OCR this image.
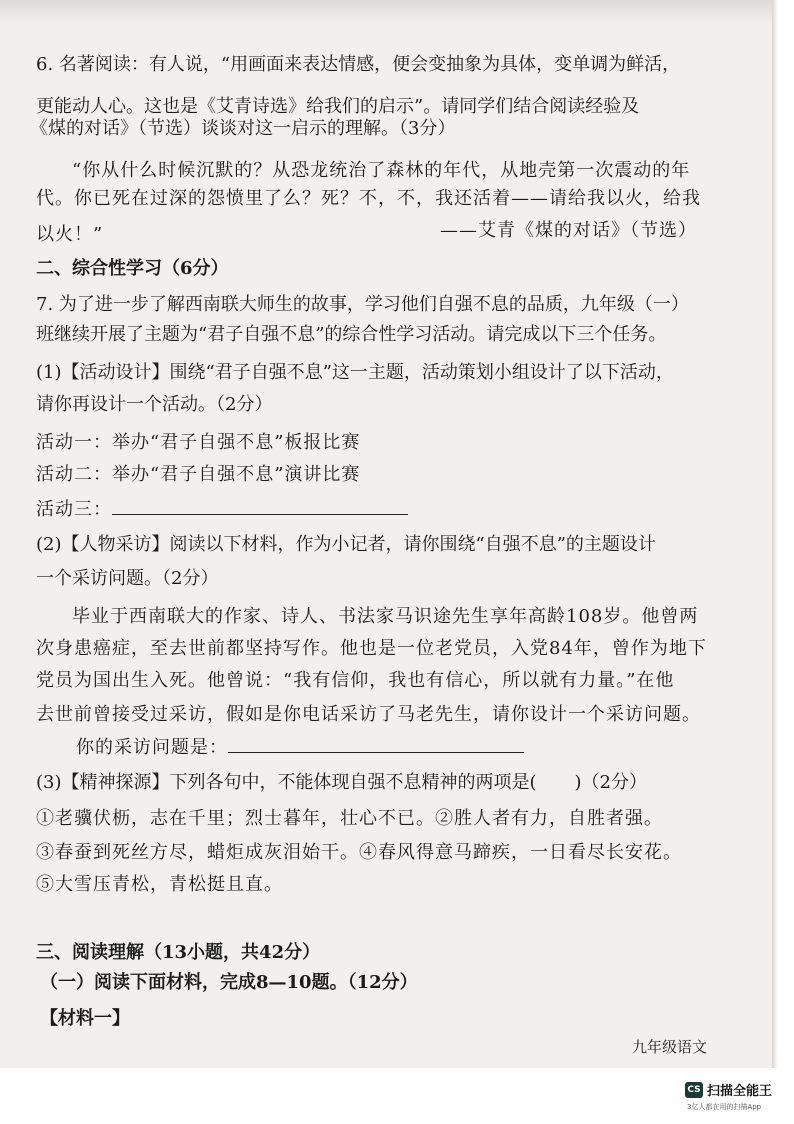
6. 名著阅读：有人说，“用画面来表达情感，便会变抽象为具体，变单调为鲜活，
更能动人心。这也是《艾青诗选》给我们的启示”。请同学们结合阅读经验及
《煤的对话》（节选）谈谈对这一启示的理解。（3分）
“你从什么时候沉默的？从恐龙统治了森林的年代，从地壳第一次震动的年
代。你已死在过深的怨愤里了么？死？不，不，我还活着——请给我以火，给我
以火！”	——艾青《煤的对话》（节选）
二、综合性学习（6分）
7. 为了进一步了解西南联大师生的故事，学习他们自强不息的品质，九年级（一）
班继续开展了主题为“君子自强不息”的综合性学习活动。请完成以下三个任务。
(1)【活动设计】围绕“君子自强不息”这一主题，活动策划小组设计了以下活动，
请你再设计一个活动。（2分）
活动一：举办“君子自强不息”板报比赛
活动二：举办“君子自强不息”演讲比赛
活动三：
(2)【人物采访】阅读以下材料，作为小记者，请你围绕“自强不息”的主题设计
一个采访问题。（2分）
毕业于西南联大的作家、诗人、书法家马识途先生享年高龄108岁。他曾两
次身患癌症，至去世前都坚持写作。他也是一位老党员，入党84年，曾作为地下
党员为国出生入死。他曾说：“我有信仰，我也有信心，所以就有力量。”在他
去世前曾接受过采访，假如是你电话采访了马老先生，请你设计一个采访问题。
你的采访问题是：
(3)【精神探源】下列各句中，不能体现自强不息精神的两项是( )（2分）
①老骥伏枥，志在千里；烈士暮年，壮心不已。②胜人者有力，自胜者强。
③春蚕到死丝方尽，蜡炬成灰泪始干。④春风得意马蹄疾，一日看尽长安花。
⑤大雪压青松，青松挺且直。
三、阅读理解（13小题，共42分）
（一）阅读下面材料，完成8—10题。（12分）
【材料一】
九年级语文
CS 扫描全能王
3亿人都在用的扫描App
